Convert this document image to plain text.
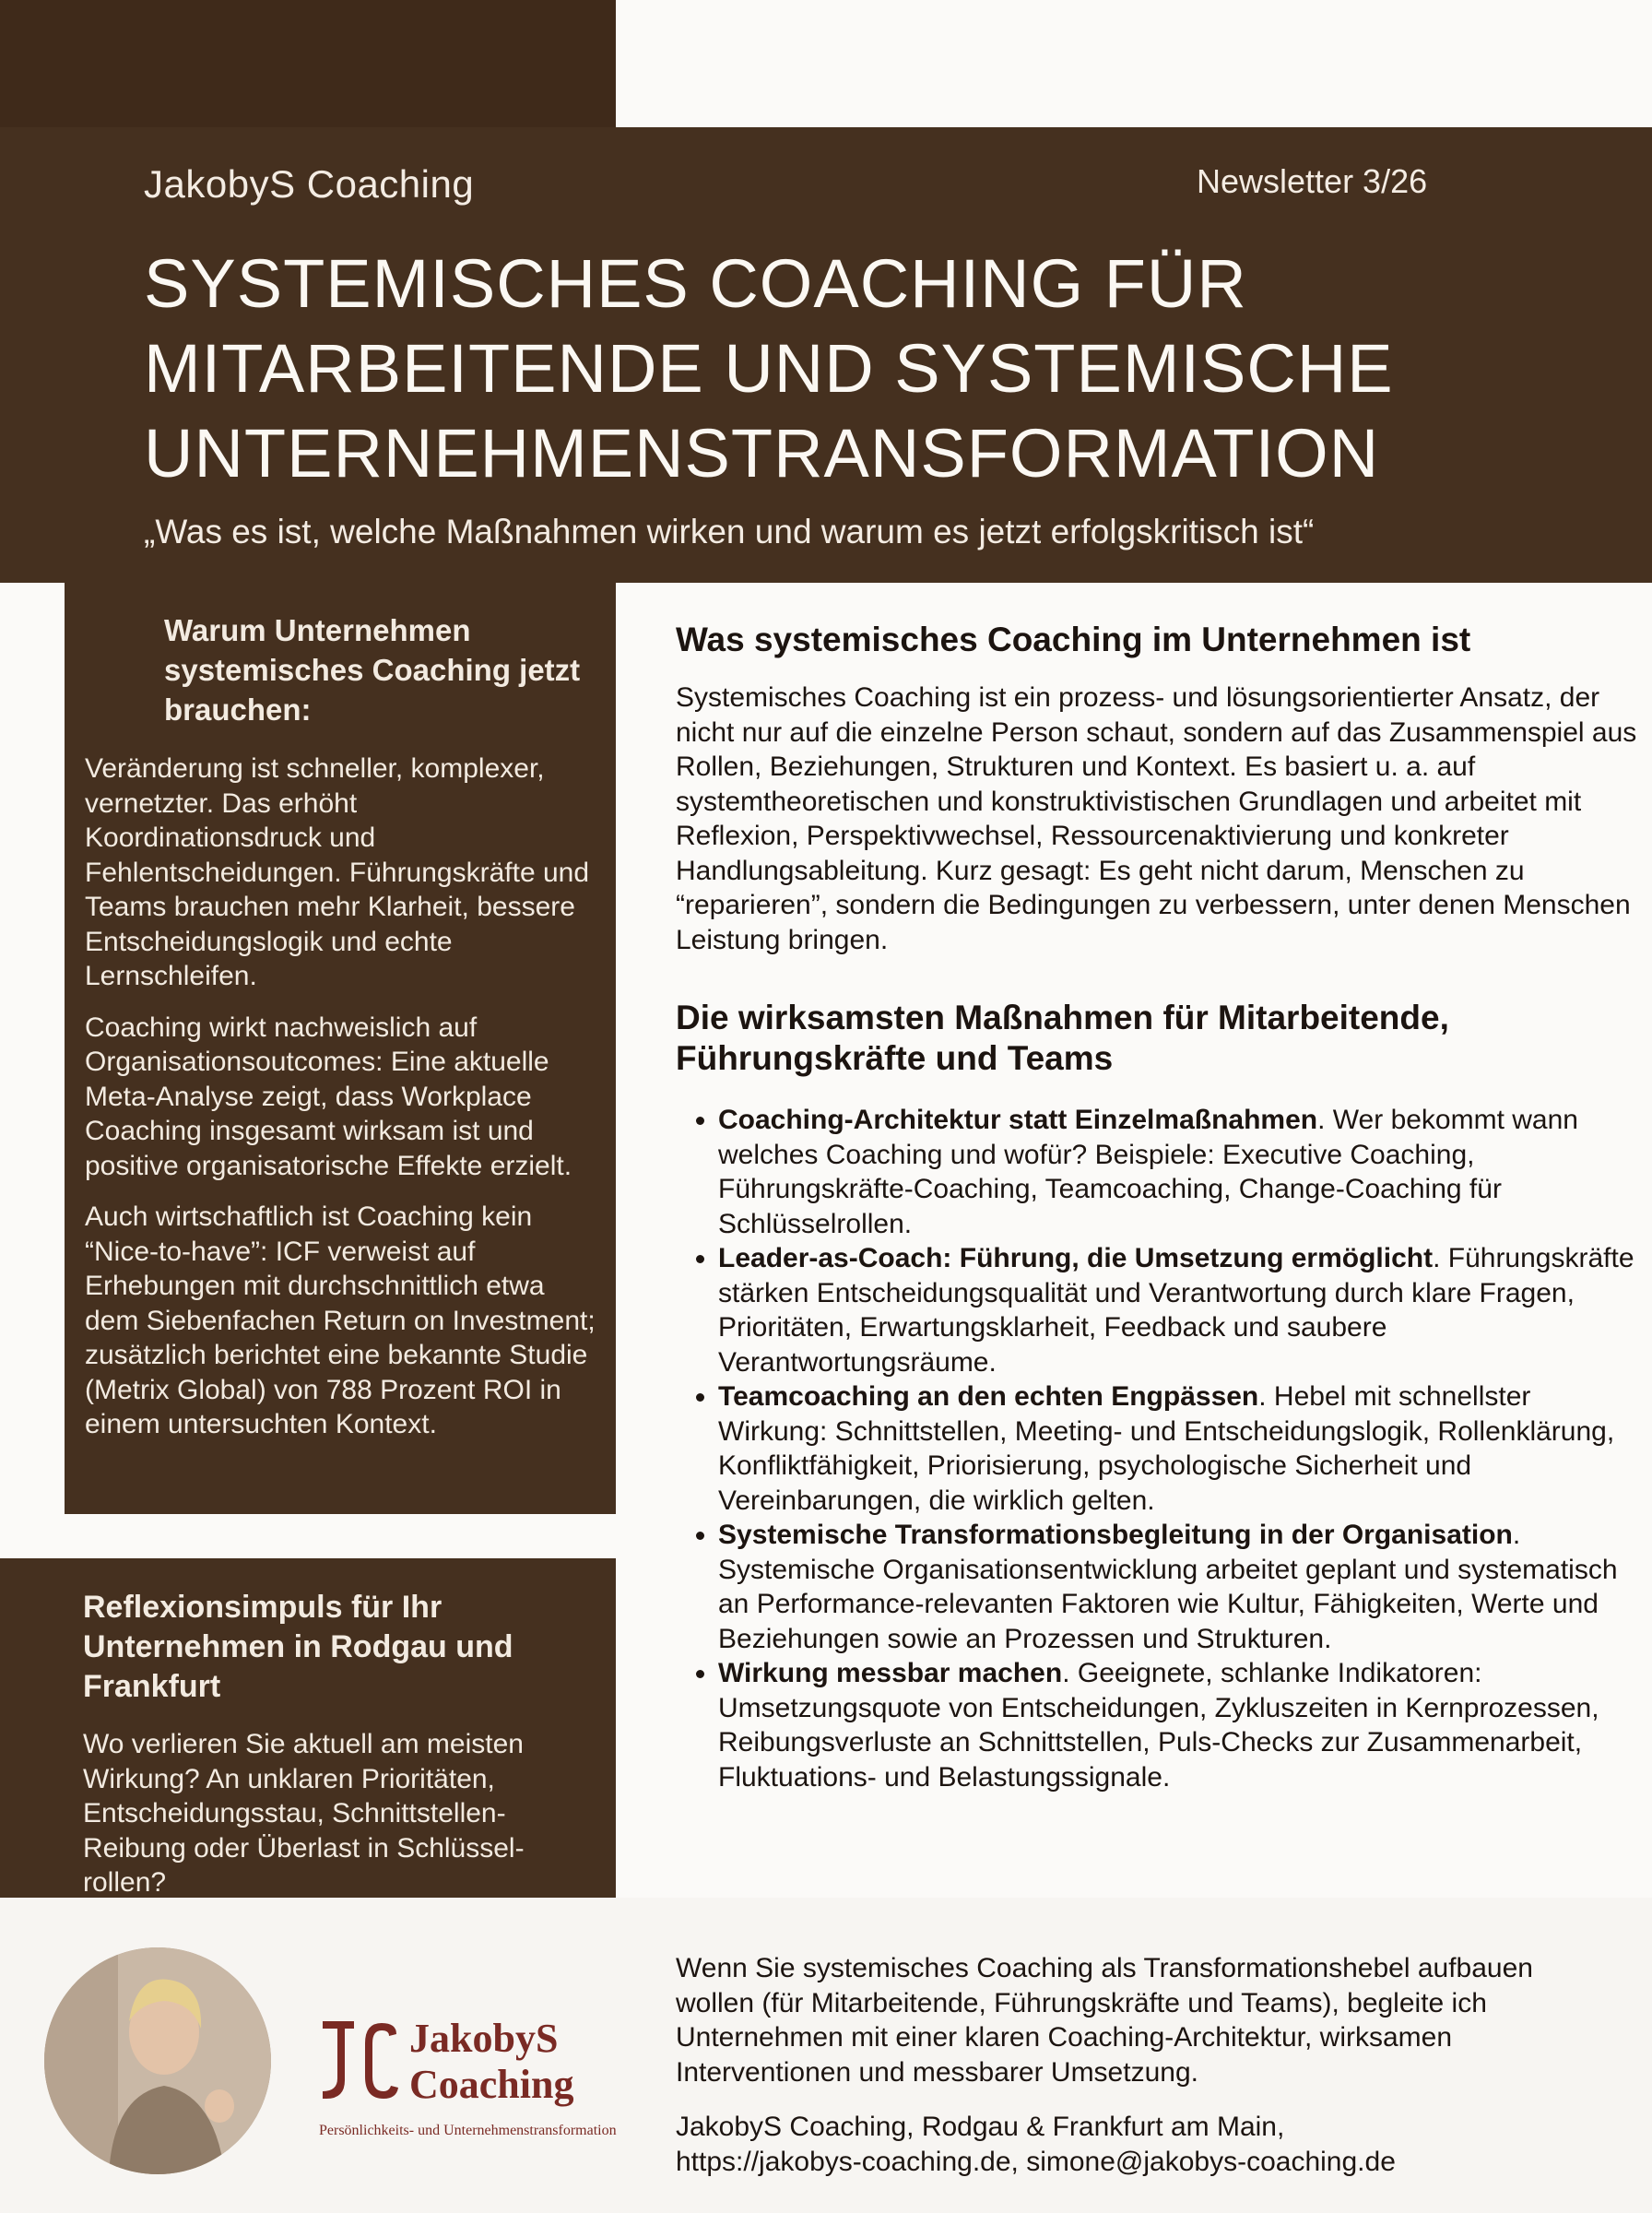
JakobyS Coaching	Newsletter 3/26
SYSTEMISCHES COACHING FÜR MITARBEITENDE UND SYSTEMISCHE UNTERNEHMENSTRANSFORMATION
„Was es ist, welche Maßnahmen wirken und warum es jetzt erfolgskritisch ist“
Warum Unternehmen systemisches Coaching jetzt brauchen:

Veränderung ist schneller, komplexer, vernetzter. Das erhöht Koordinationsdruck und Fehlentscheidungen. Führungskräfte und Teams brauchen mehr Klarheit, bessere Entscheidungslogik und echte Lernschleifen.

Coaching wirkt nachweislich auf Organisationsoutcomes: Eine aktuelle Meta-Analyse zeigt, dass Workplace Coaching insgesamt wirksam ist und positive organisatorische Effekte erzielt.

Auch wirtschaftlich ist Coaching kein “Nice-to-have”: ICF verweist auf Erhebungen mit durchschnittlich etwa dem Siebenfachen Return on Investment; zusätzlich berichtet eine bekannte Studie (Metrix Global) von 788 Prozent ROI in einem untersuchten Kontext.

Reflexionsimpuls für Ihr Unternehmen in Rodgau und Frankfurt

Wo verlieren Sie aktuell am meisten Wirkung? An unklaren Prioritäten, Entscheidungsstau, Schnittstellen-Reibung oder Überlast in Schlüssel-rollen?

Was systemisches Coaching im Unternehmen ist

Systemisches Coaching ist ein prozess- und lösungsorientierter Ansatz, der nicht nur auf die einzelne Person schaut, sondern auf das Zusammenspiel aus Rollen, Beziehungen, Strukturen und Kontext. Es basiert u. a. auf systemtheoretischen und konstruktivistischen Grundlagen und arbeitet mit Reflexion, Perspektivwechsel, Ressourcenaktivierung und konkreter Handlungsableitung. Kurz gesagt: Es geht nicht darum, Menschen zu “reparieren”, sondern die Bedingungen zu verbessern, unter denen Menschen Leistung bringen.

Die wirksamsten Maßnahmen für Mitarbeitende, Führungskräfte und Teams
• Coaching-Architektur statt Einzelmaßnahmen. Wer bekommt wann welches Coaching und wofür? Beispiele: Executive Coaching, Führungskräfte-Coaching, Teamcoaching, Change-Coaching für Schlüsselrollen.
• Leader-as-Coach: Führung, die Umsetzung ermöglicht. Führungskräfte stärken Entscheidungsqualität und Verantwortung durch klare Fragen, Prioritäten, Erwartungsklarheit, Feedback und saubere Verantwortungsräume.
• Teamcoaching an den echten Engpässen. Hebel mit schnellster Wirkung: Schnittstellen, Meeting- und Entscheidungslogik, Rollenklärung, Konfliktfähigkeit, Priorisierung, psychologische Sicherheit und Vereinbarungen, die wirklich gelten.
• Systemische Transformationsbegleitung in der Organisation. Systemische Organisationsentwicklung arbeitet geplant und systematisch an Performance-relevanten Faktoren wie Kultur, Fähigkeiten, Werte und Beziehungen sowie an Prozessen und Strukturen.
• Wirkung messbar machen. Geeignete, schlanke Indikatoren: Umsetzungsquote von Entscheidungen, Zykluszeiten in Kernprozessen, Reibungsverluste an Schnittstellen, Puls-Checks zur Zusammenarbeit, Fluktuations- und Belastungssignale.
JakobyS
Coaching
Persönlichkeits- und Unternehmenstransformation

Wenn Sie systemisches Coaching als Transformationshebel aufbauen wollen (für Mitarbeitende, Führungskräfte und Teams), begleite ich Unternehmen mit einer klaren Coaching-Architektur, wirksamen Interventionen und messbarer Umsetzung.

JakobyS Coaching, Rodgau & Frankfurt am Main,
https://jakobys-coaching.de, simone@jakobys-coaching.de
